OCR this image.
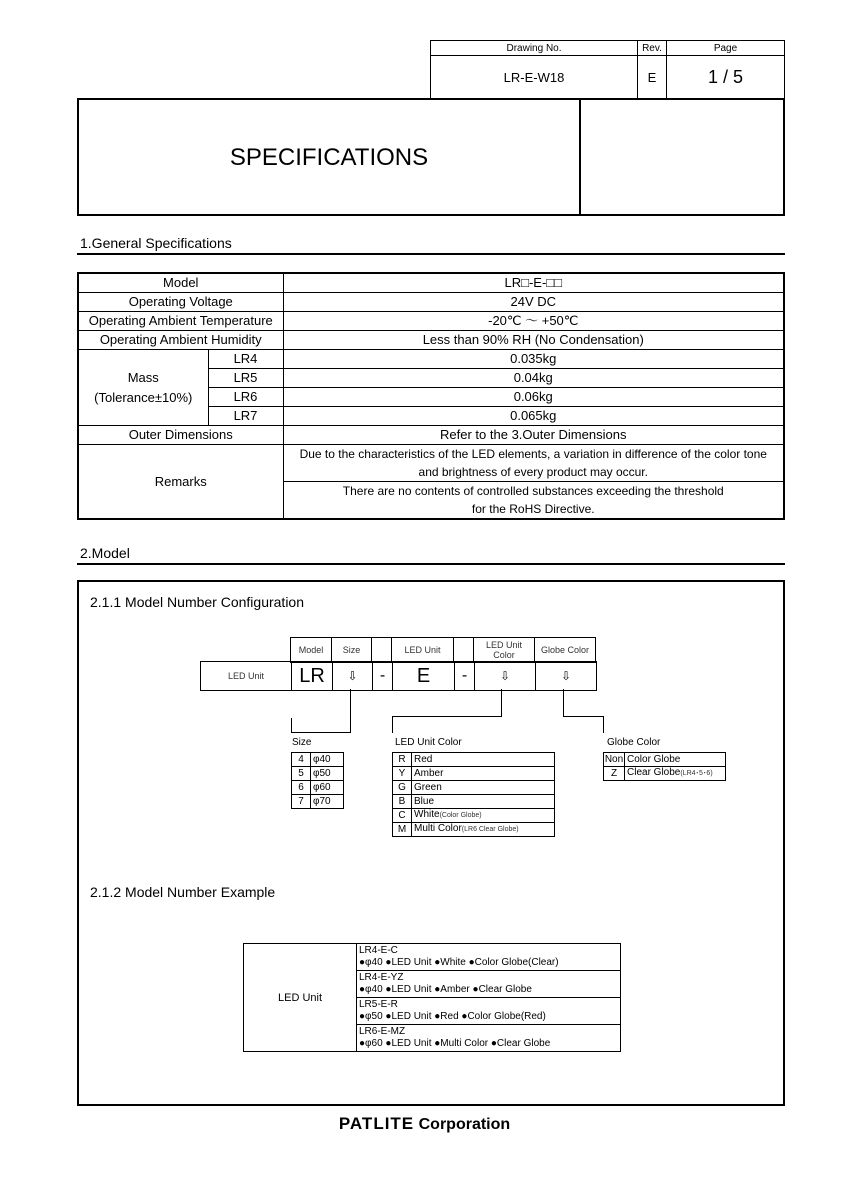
Drawing No.	Rev.	Page
LR-E-W18	E	1 / 5
SPECIFICATIONS
1.General Specifications
Model		LR□-E-□□
Operating Voltage		24V DC
Operating Ambient Temperature		-20℃ ～ +50℃
Operating Ambient Humidity		Less than 90% RH (No Condensation)

Mass
(Tolerance±10%)	LR4	0.035kg
	LR5	0.04kg
	LR6	0.06kg
	LR7	0.065kg
Outer Dimensions		Refer to the 3.Outer Dimensions
Remarks		Due to the characteristics of the LED elements, a variation in difference of the color tone
and brightness of every product may occur.

		There are no contents of controlled substances exceeding the threshold
for the RoHS Directive.
2.Model
2.1.1 Model Number Configuration
Model	Size		LED Unit		LED Unit Color	Globe Color
LED Unit	LR	⇩	-	E	-	⇩	⇩
Size
4	φ40
5	φ50
6	φ60
7	φ70
LED Unit Color
R	Red
Y	Amber
G	Green
B	Blue
C	White(Color Globe)
M	Multi Color(LR6 Clear Globe)
Globe Color
Non	Color Globe
Z	Clear Globe(LR4･5･6)
2.1.2 Model Number Example
LED Unit	
LR4-E-C
●φ40 ●LED Unit ●White ●Color Globe(Clear)

LR4-E-YZ
●φ40 ●LED Unit ●Amber ●Clear Globe

LR5-E-R
●φ50 ●LED Unit ●Red ●Color Globe(Red)

LR6-E-MZ
●φ60 ●LED Unit ●Multi Color ●Clear Globe
PATLITE Corporation
